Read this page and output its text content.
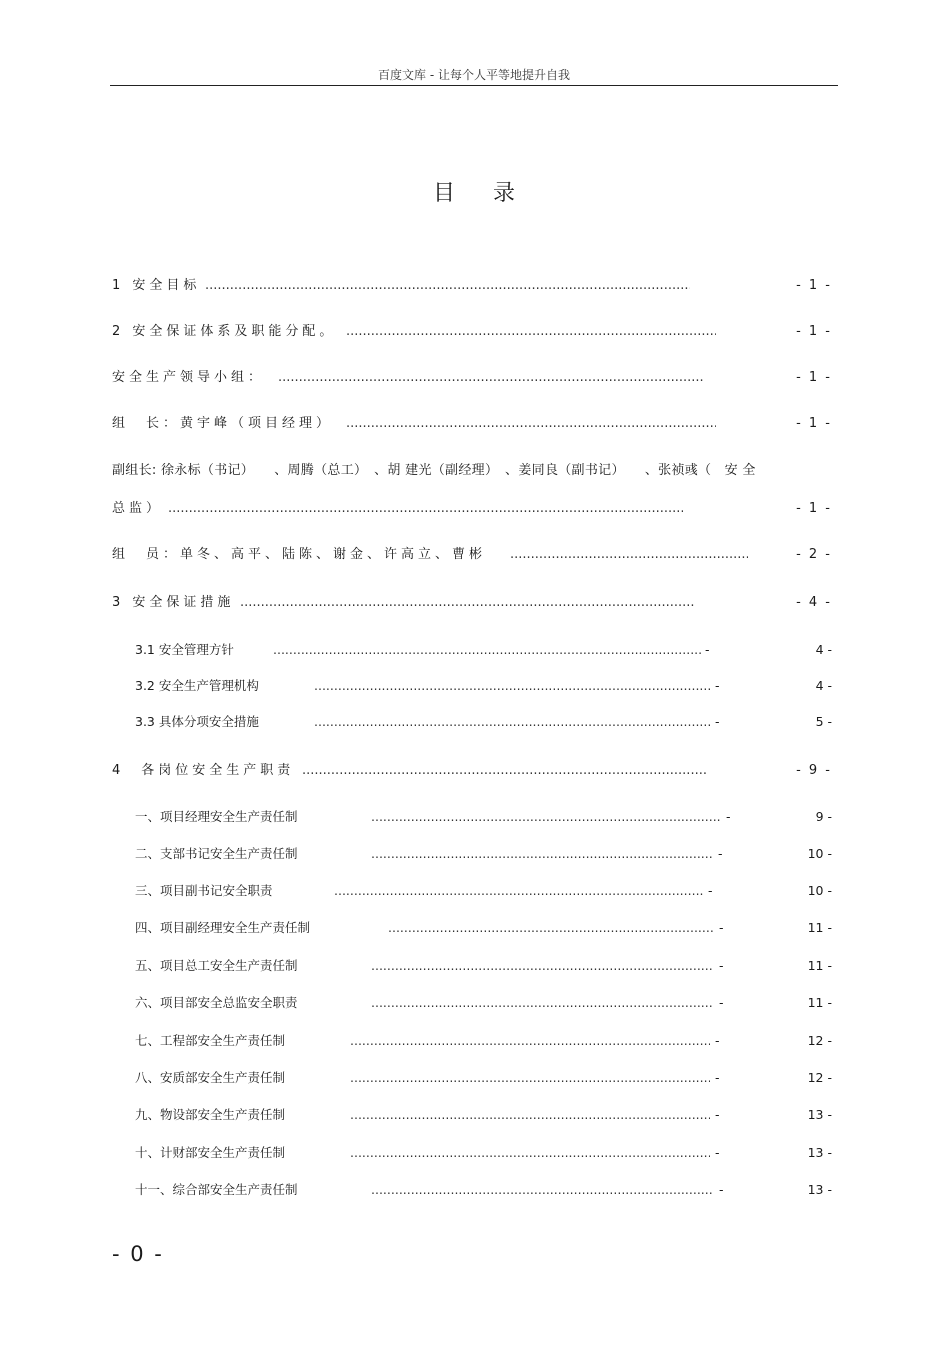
百度文库 - 让每个人平等地提升自我
目录
1 安全目标 .....	- 1 -
2 安全保证体系及职能分配。 .....	- 1 -
安全生产领导小组： .....	- 1 -
组　长：黄宇峰（项目经理） .....	- 1 -
副组长: 徐永标（书记）　　、周腾（总工）　、胡 建光（副经理）　、姜同良（副书记）　　、张祯彧（　安 全
总监） .....	- 1 -
组　员：单冬、高平、陆陈、谢金、许高立、曹彬 .....	- 2 -
3 安全保证措施 .....	- 4 -
3.1 安全管理方针 .....	-	4 -
3.2 安全生产管理机构 .....	-	4 -
3.3 具体分项安全措施 .....	-	5 -
4　各岗位安全生产职责 .....	- 9 -
一、项目经理安全生产责任制 .....	-	9 -
二、支部书记安全生产责任制 .....	-	10 -
三、项目副书记安全职责 .....	-	10 -
四、项目副经理安全生产责任制 .....	-	11 -
五、项目总工安全生产责任制 .....	-	11 -
六、项目部安全总监安全职责 .....	-	11 -
七、工程部安全生产责任制 .....	-	12 -
八、安质部安全生产责任制 .....	-	12 -
九、物设部安全生产责任制 .....	-	13 -
十、计财部安全生产责任制 .....	-	13 -
十一、综合部安全生产责任制 .....	-	13 -
- 0 -
